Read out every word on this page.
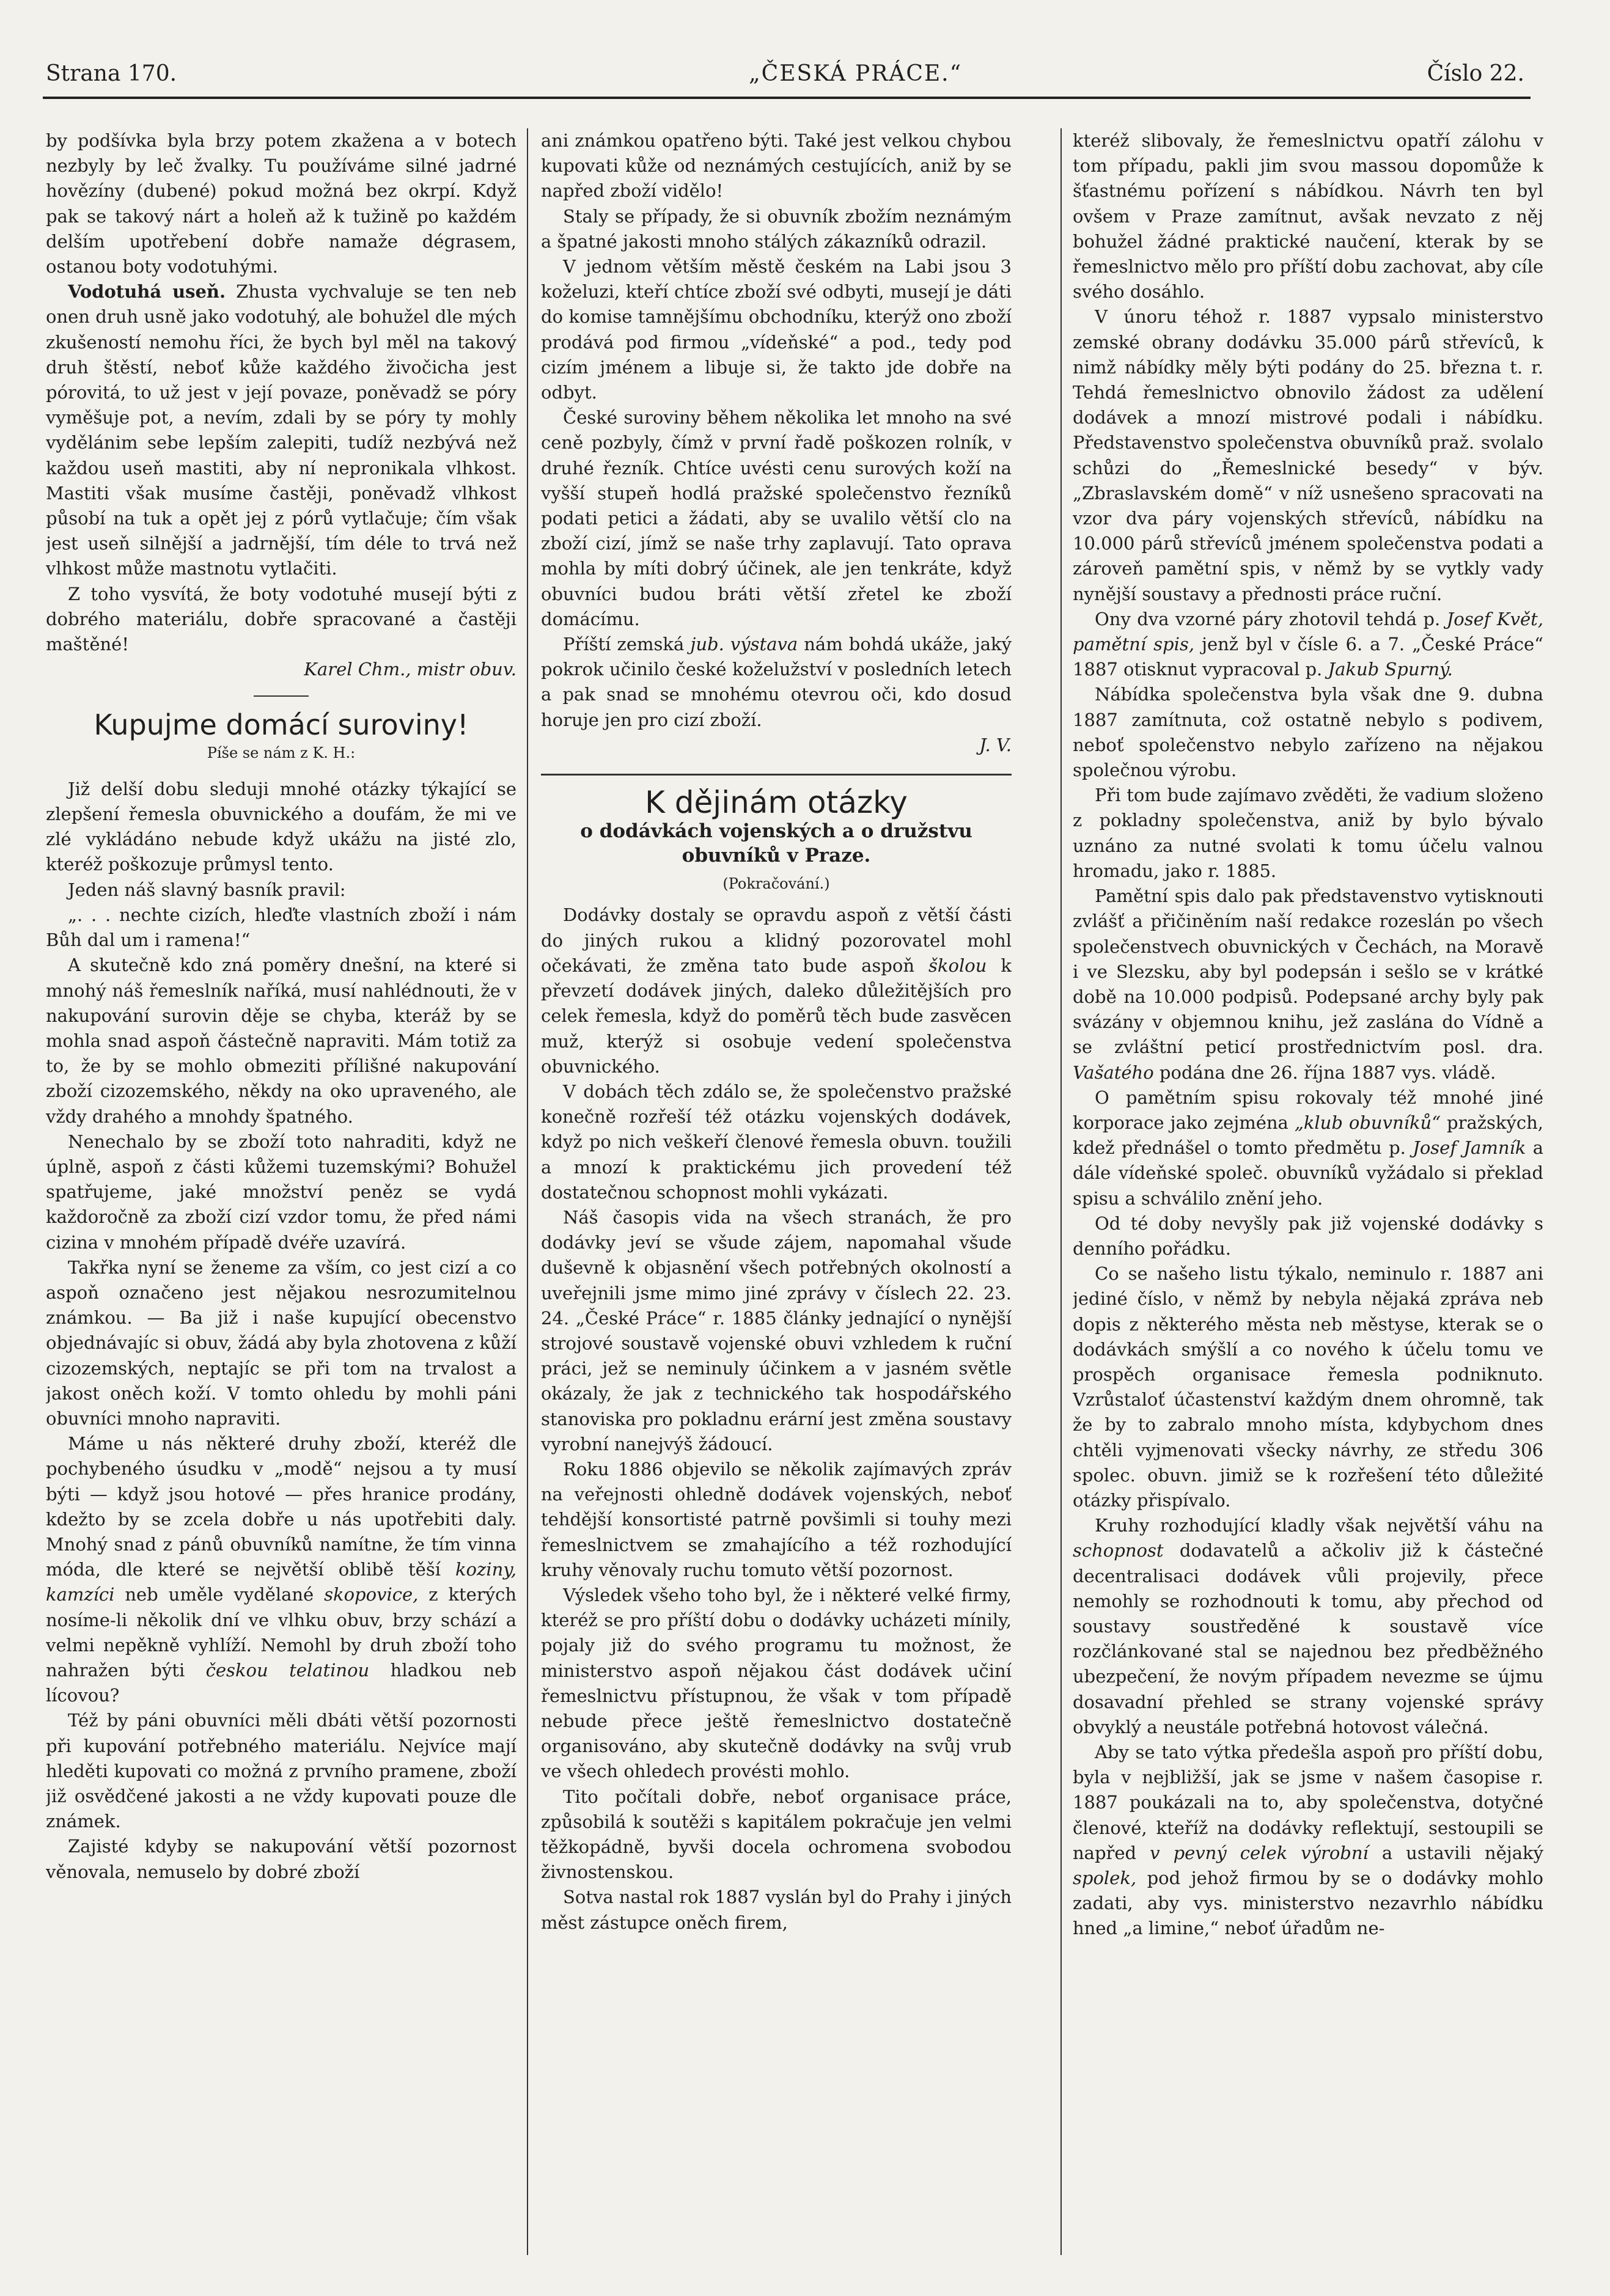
Strana 170.	„ČESKÁ PRÁCE.“	Číslo 22.

by podšívka byla brzy potem zkažena a v botech nezbyly by leč žvalky. Tu používáme silné jadrné hovězíny (dubené) pokud možná bez okrpí. Když pak se takový nárt a holeň až k tužině po každém delším upotřebení dobře namaže dégrasem, ostanou boty vodotuhými.

Vodotuhá useň. Zhusta vychvaluje se ten neb onen druh usně jako vodotuhý, ale bohužel dle mých zkušeností nemohu říci, že bych byl měl na takový druh štěstí, neboť kůže každého živočicha jest pórovitá, to už jest v její povaze, poněvadž se póry vyměšuje pot, a nevím, zdali by se póry ty mohly vydělánim sebe lepším zalepiti, tudíž nezbývá než každou useň mastiti, aby ní nepronikala vlhkost. Mastiti však musíme častěji, poněvadž vlhkost působí na tuk a opět jej z pórů vytlačuje; čím však jest useň silnější a jadrnější, tím déle to trvá než vlhkost může mastnotu vytlačiti.

Z toho vysvítá, že boty vodotuhé musejí býti z dobrého materiálu, dobře spracované a častěji maštěné!

Karel Chm., mistr obuv.

Kupujme domácí suroviny!
Píše se nám z K. H.:

Již delší dobu sleduji mnohé otázky týkající se zlepšení řemesla obuvnického a doufám, že mi ve zlé vykládáno nebude když ukážu na jisté zlo, kteréž poškozuje průmysl tento.

Jeden náš slavný basník pravil:

„. . . nechte cizích, hleďte vlastních zboží i nám Bůh dal um i ramena!“

A skutečně kdo zná poměry dnešní, na které si mnohý náš řemeslník naříká, musí nahlédnouti, že v nakupování surovin děje se chyba, kteráž by se mohla snad aspoň částečně napraviti. Mám totiž za to, že by se mohlo obmeziti přílišné nakupování zboží cizozemského, někdy na oko upraveného, ale vždy drahého a mnohdy špatného.

Nenechalo by se zboží toto nahraditi, když ne úplně, aspoň z části kůžemi tuzemskými? Bohužel spatřujeme, jaké množství peněz se vydá každoročně za zboží cizí vzdor tomu, že před námi cizina v mnohém případě dvéře uzavírá.

Takřka nyní se ženeme za vším, co jest cizí a co aspoň označeno jest nějakou nesrozumitelnou známkou. — Ba již i naše kupující obecenstvo objednávajíc si obuv, žádá aby byla zhotovena z kůží cizozemských, neptajíc se při tom na trvalost a jakost oněch koží. V tomto ohledu by mohli páni obuvníci mnoho napraviti.

Máme u nás některé druhy zboží, kteréž dle pochybeného úsudku v „modě“ nejsou a ty musí býti — když jsou hotové — přes hranice prodány, kdežto by se zcela dobře u nás upotřebiti daly. Mnohý snad z pánů obuvníků namítne, že tím vinna móda, dle které se největší oblibě těší koziny, kamzíci neb uměle vydělané skopovice, z kterých nosíme-li několik dní ve vlhku obuv, brzy schází a velmi nepěkně vyhlíží. Nemohl by druh zboží toho nahražen býti českou telatinou hladkou neb lícovou?

Též by páni obuvníci měli dbáti větší pozornosti při kupování potřebného materiálu. Nejvíce mají hleděti kupovati co možná z prvního pramene, zboží již osvědčené jakosti a ne vždy kupovati pouze dle známek.

Zajisté kdyby se nakupování větší pozornost věnovala, nemuselo by dobré zboží

ani známkou opatřeno býti. Také jest velkou chybou kupovati kůže od neznámých cestujících, aniž by se napřed zboží vidělo!

Staly se případy, že si obuvník zbožím neznámým a špatné jakosti mnoho stálých zákazníků odrazil.

V jednom větším městě českém na Labi jsou 3 koželuzi, kteří chtíce zboží své odbyti, musejí je dáti do komise tamnějšímu obchodníku, kterýž ono zboží prodává pod firmou „vídeňské“ a pod., tedy pod cizím jménem a libuje si, že takto jde dobře na odbyt.

České suroviny během několika let mnoho na své ceně pozbyly, čímž v první řadě poškozen rolník, v druhé řezník. Chtíce uvésti cenu surových koží na vyšší stupeň hodlá pražské společenstvo řezníků podati petici a žádati, aby se uvalilo větší clo na zboží cizí, jímž se naše trhy zaplavují. Tato oprava mohla by míti dobrý účinek, ale jen tenkráte, když obuvníci budou bráti větší zřetel ke zboží domácímu.

Příští zemská jub. výstava nám bohdá ukáže, jaký pokrok učinilo české koželužství v posledních letech a pak snad se mnohému otevrou oči, kdo dosud horuje jen pro cizí zboží.

J. V.

K dějinám otázky
o dodávkách vojenských a o družstvu obuvníků v Praze.
(Pokračování.)

Dodávky dostaly se opravdu aspoň z větší části do jiných rukou a klidný pozorovatel mohl očekávati, že změna tato bude aspoň školou k převzetí dodávek jiných, daleko důležitějších pro celek řemesla, když do poměrů těch bude zasvěcen muž, kterýž si osobuje vedení společenstva obuvnického.

V dobách těch zdálo se, že společenstvo pražské konečně rozřeší též otázku vojenských dodávek, když po nich veškeří členové řemesla obuvn. toužili a mnozí k praktickému jich provedení též dostatečnou schopnost mohli vykázati.

Náš časopis vida na všech stranách, že pro dodávky jeví se všude zájem, napomahal všude duševně k objasnění všech potřebných okolností a uveřejnili jsme mimo jiné zprávy v číslech 22. 23. 24. „České Práce“ r. 1885 články jednající o nynější strojové soustavě vojenské obuvi vzhledem k ruční práci, jež se neminuly účinkem a v jasném světle okázaly, že jak z technického tak hospodářského stanoviska pro pokladnu erární jest změna soustavy vyrobní nanejvýš žádoucí.

Roku 1886 objevilo se několik zajímavých zpráv na veřejnosti ohledně dodávek vojenských, neboť tehdější konsortisté patrně povšimli si touhy mezi řemeslnictvem se zmahajícího a též rozhodující kruhy věnovaly ruchu tomuto větší pozornost.

Výsledek všeho toho byl, že i některé velké firmy, kteréž se pro příští dobu o dodávky ucházeti mínily, pojaly již do svého programu tu možnost, že ministerstvo aspoň nějakou část dodávek učiní řemeslnictvu přístupnou, že však v tom případě nebude přece ještě řemeslnictvo dostatečně organisováno, aby skutečně dodávky na svůj vrub ve všech ohledech provésti mohlo.

Tito počítali dobře, neboť organisace práce, způsobilá k soutěži s kapitálem pokračuje jen velmi těžkopádně, byvši docela ochromena svobodou živnostenskou.

Sotva nastal rok 1887 vyslán byl do Prahy i jiných měst zástupce oněch firem,

kteréž slibovaly, že řemeslnictvu opatří zálohu v tom případu, pakli jim svou massou dopomůže k šťastnému pořízení s nábídkou. Návrh ten byl ovšem v Praze zamítnut, avšak nevzato z něj bohužel žádné praktické naučení, kterak by se řemeslnictvo mělo pro příští dobu zachovat, aby cíle svého dosáhlo.

V únoru téhož r. 1887 vypsalo ministerstvo zemské obrany dodávku 35.000 párů střevíců, k nimž nábídky měly býti podány do 25. března t. r. Tehdá řemeslnictvo obnovilo žádost za udělení dodávek a mnozí mistrové podali i nábídku. Představenstvo společenstva obuvníků praž. svolalo schůzi do „Řemeslnické besedy“ v býv. „Zbraslavském domě“ v níž usnešeno spracovati na vzor dva páry vojenských střevíců, nábídku na 10.000 párů střevíců jménem společenstva podati a zároveň pamětní spis, v němž by se vytkly vady nynější soustavy a přednosti práce ruční.

Ony dva vzorné páry zhotovil tehdá p. Josef Květ, pamětní spis, jenž byl v čísle 6. a 7. „České Práce“ 1887 otisknut vypracoval p. Jakub Spurný.

Nábídka společenstva byla však dne 9. dubna 1887 zamítnuta, což ostatně nebylo s podivem, neboť společenstvo nebylo zařízeno na nějakou společnou výrobu.

Při tom bude zajímavo zvěděti, že vadium složeno z pokladny společenstva, aniž by bylo bývalo uznáno za nutné svolati k tomu účelu valnou hromadu, jako r. 1885.

Pamětní spis dalo pak představenstvo vytisknouti zvlášť a přičiněním naší redakce rozeslán po všech společenstvech obuvnických v Čechách, na Moravě i ve Slezsku, aby byl podepsán i sešlo se v krátké době na 10.000 podpisů. Podepsané archy byly pak svázány v objemnou knihu, jež zaslána do Vídně a se zvláštní peticí prostřednictvím posl. dra. Vašatého podána dne 26. října 1887 vys. vládě.

O pamětním spisu rokovaly též mnohé jiné korporace jako zejména „klub obuvníků“ pražských, kdež přednášel o tomto předmětu p. Josef Jamník a dále vídeňské společ. obuvníků vyžádalo si překlad spisu a schválilo znění jeho.

Od té doby nevyšly pak již vojenské dodávky s denního pořádku.

Co se našeho listu týkalo, neminulo r. 1887 ani jediné číslo, v němž by nebyla nějaká zpráva neb dopis z některého města neb městyse, kterak se o dodávkách smýšlí a co nového k účelu tomu ve prospěch organisace řemesla podniknuto. Vzrůstaloť účastenství každým dnem ohromně, tak že by to zabralo mnoho místa, kdybychom dnes chtěli vyjmenovati všecky návrhy, ze středu 306 spolec. obuvn. jimiž se k rozřešení této důležité otázky přispívalo.

Kruhy rozhodující kladly však největší váhu na schopnost dodavatelů a ačkoliv již k částečné decentralisaci dodávek vůli projevily, přece nemohly se rozhodnouti k tomu, aby přechod od soustavy soustředěné k soustavě více rozčlánkované stal se najednou bez předběžného ubezpečení, že novým případem nevezme se újmu dosavadní přehled se strany vojenské správy obvyklý a neustále potřebná hotovost válečná.

Aby se tato výtka předešla aspoň pro příští dobu, byla v nejbližší, jak se jsme v našem časopise r. 1887 poukázali na to, aby společenstva, dotyčné členové, kteříž na dodávky reflektují, sestoupili se napřed v pevný celek výrobní a ustavili nějaký spolek, pod jehož firmou by se o dodávky mohlo zadati, aby vys. ministerstvo nezavrhlo nábídku hned „a limine,“ neboť úřadům ne-
